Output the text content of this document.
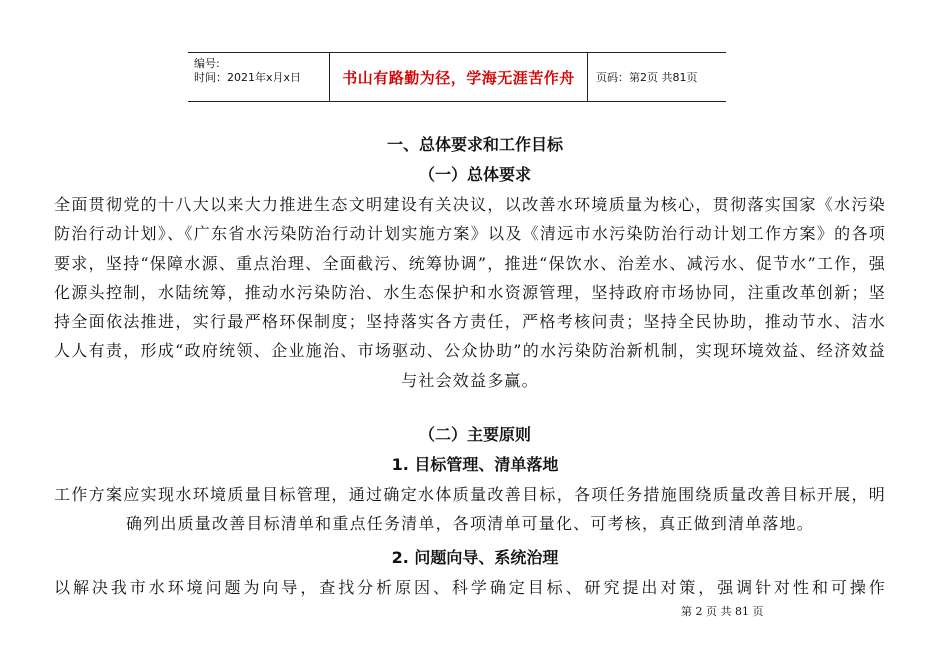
编号:
时间：2021年x月x日	书山有路勤为径，学海无涯苦作舟 页码：第2页 共81页
一、总体要求和工作目标
（一）总体要求
全面贯彻党的十八大以来大力推进生态文明建设有关决议，以改善水环境质量为核心，贯彻落实国家《水污染防治行动计划》、《广东省水污染防治行动计划实施方案》以及《清远市水污染防治行动计划工作方案》的各项要求，坚持“保障水源、重点治理、全面截污、统筹协调”，推进“保饮水、治差水、减污水、促节水”工作，强化源头控制，水陆统筹，推动水污染防治、水生态保护和水资源管理，坚持政府市场协同，注重改革创新；坚持全面依法推进，实行最严格环保制度；坚持落实各方责任，严格考核问责；坚持全民协助，推动节水、洁水人人有责，形成“政府统领、企业施治、市场驱动、公众协助”的水污染防治新机制，实现环境效益、经济效益与社会效益多赢。
（二）主要原则
1. 目标管理、清单落地
工作方案应实现水环境质量目标管理，通过确定水体质量改善目标，各项任务措施围绕质量改善目标开展，明确列出质量改善目标清单和重点任务清单，各项清单可量化、可考核，真正做到清单落地。
2. 问题向导、系统治理
以解决我市水环境问题为向导，查找分析原因、科学确定目标、研究提出对策，强调针对性和可操作
第 2 页 共 81 页
